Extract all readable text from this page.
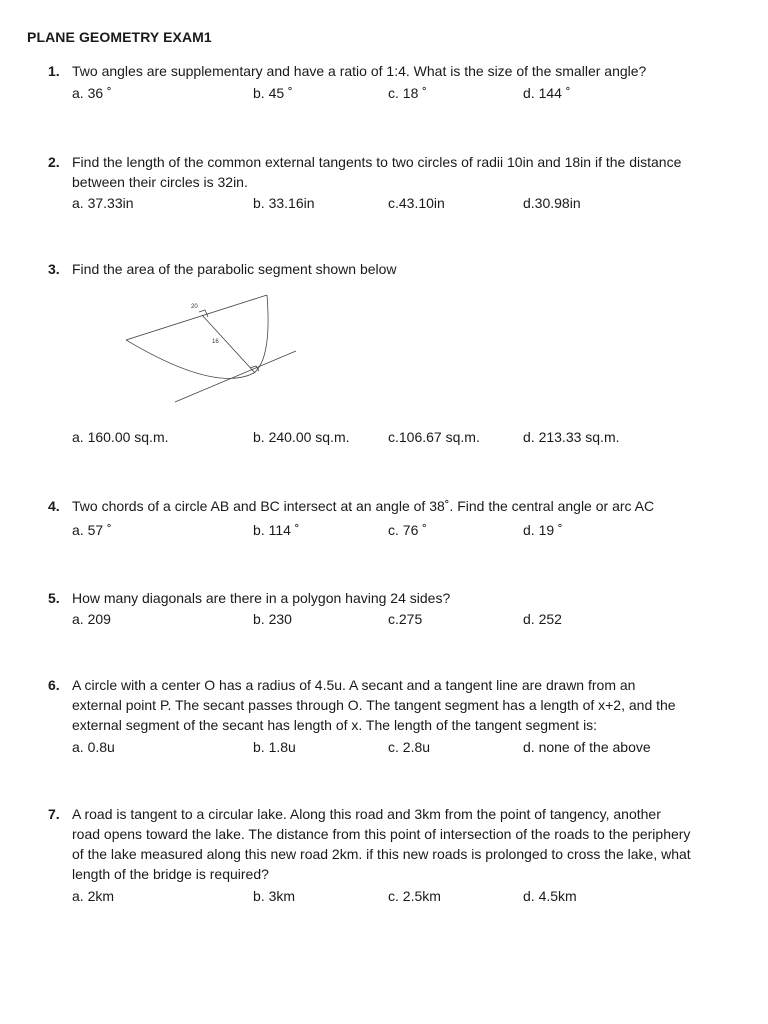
PLANE GEOMETRY EXAM1
1. Two angles are supplementary and have a ratio of 1:4. What is the size of the smaller angle?
a. 36 ˚	b. 45 ˚	c. 18 ˚	d. 144 ˚
2. Find the length of the common external tangents to two circles of radii 10in and 18in if the distance
between their circles is 32in.
a. 37.33in	b. 33.16in	c.43.10in	d.30.98in
3. Find the area of the parabolic segment shown below
a. 160.00 sq.m.	b. 240.00 sq.m.	c.106.67 sq.m.	d. 213.33 sq.m.
20
16
4. Two chords of a circle AB and BC intersect at an angle of 38˚. Find the central angle or arc AC
a. 57 ˚	b. 114 ˚	c. 76 ˚	d. 19 ˚
5. How many diagonals are there in a polygon having 24 sides?
a. 209	b. 230	c.275	d. 252
6. A circle with a center O has a radius of 4.5u. A secant and a tangent line are drawn from an
external point P. The secant passes through O. The tangent segment has a length of x+2, and the
external segment of the secant has length of x. The length of the tangent segment is:
a. 0.8u	b. 1.8u	c. 2.8u	d. none of the above
7. A road is tangent to a circular lake. Along this road and 3km from the point of tangency, another
road opens toward the lake. The distance from this point of intersection of the roads to the periphery
of the lake measured along this new road 2km. if this new roads is prolonged to cross the lake, what
length of the bridge is required?
a. 2km	b. 3km	c. 2.5km	d. 4.5km
